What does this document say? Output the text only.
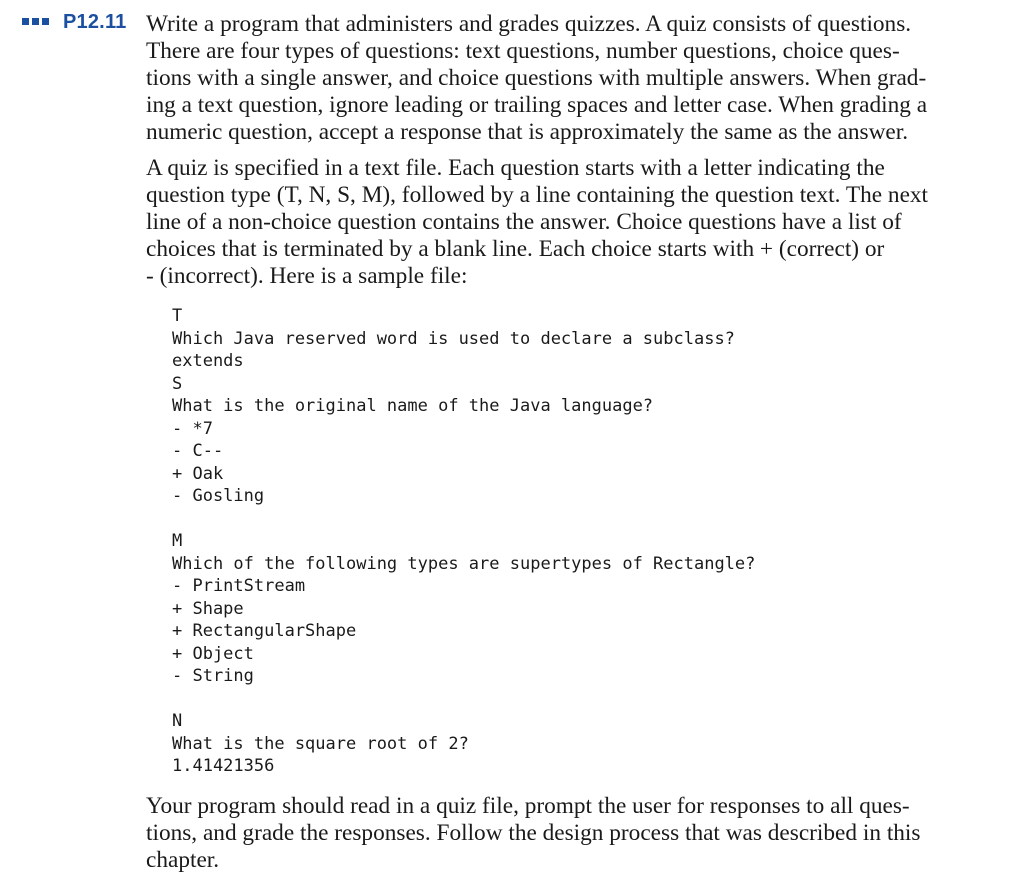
P12.11 Write a program that administers and grades quizzes. A quiz consists of questions.
There are four types of questions: text questions, number questions, choice ques-
tions with a single answer, and choice questions with multiple answers. When grad-
ing a text question, ignore leading or trailing spaces and letter case. When grading a
numeric question, accept a response that is approximately the same as the answer.

A quiz is specified in a text file. Each question starts with a letter indicating the
question type (T, N, S, M), followed by a line containing the question text. The next
line of a non-choice question contains the answer. Choice questions have a list of
choices that is terminated by a blank line. Each choice starts with + (correct) or
- (incorrect). Here is a sample file:

T
Which Java reserved word is used to declare a subclass?
extends
S
What is the original name of the Java language?
- *7
- C--
+ Oak
- Gosling
M
Which of the following types are supertypes of Rectangle?
- PrintStream
+ Shape
+ RectangularShape
+ Object
- String
N
What is the square root of 2?
1.41421356

Your program should read in a quiz file, prompt the user for responses to all ques-
tions, and grade the responses. Follow the design process that was described in this
chapter.
